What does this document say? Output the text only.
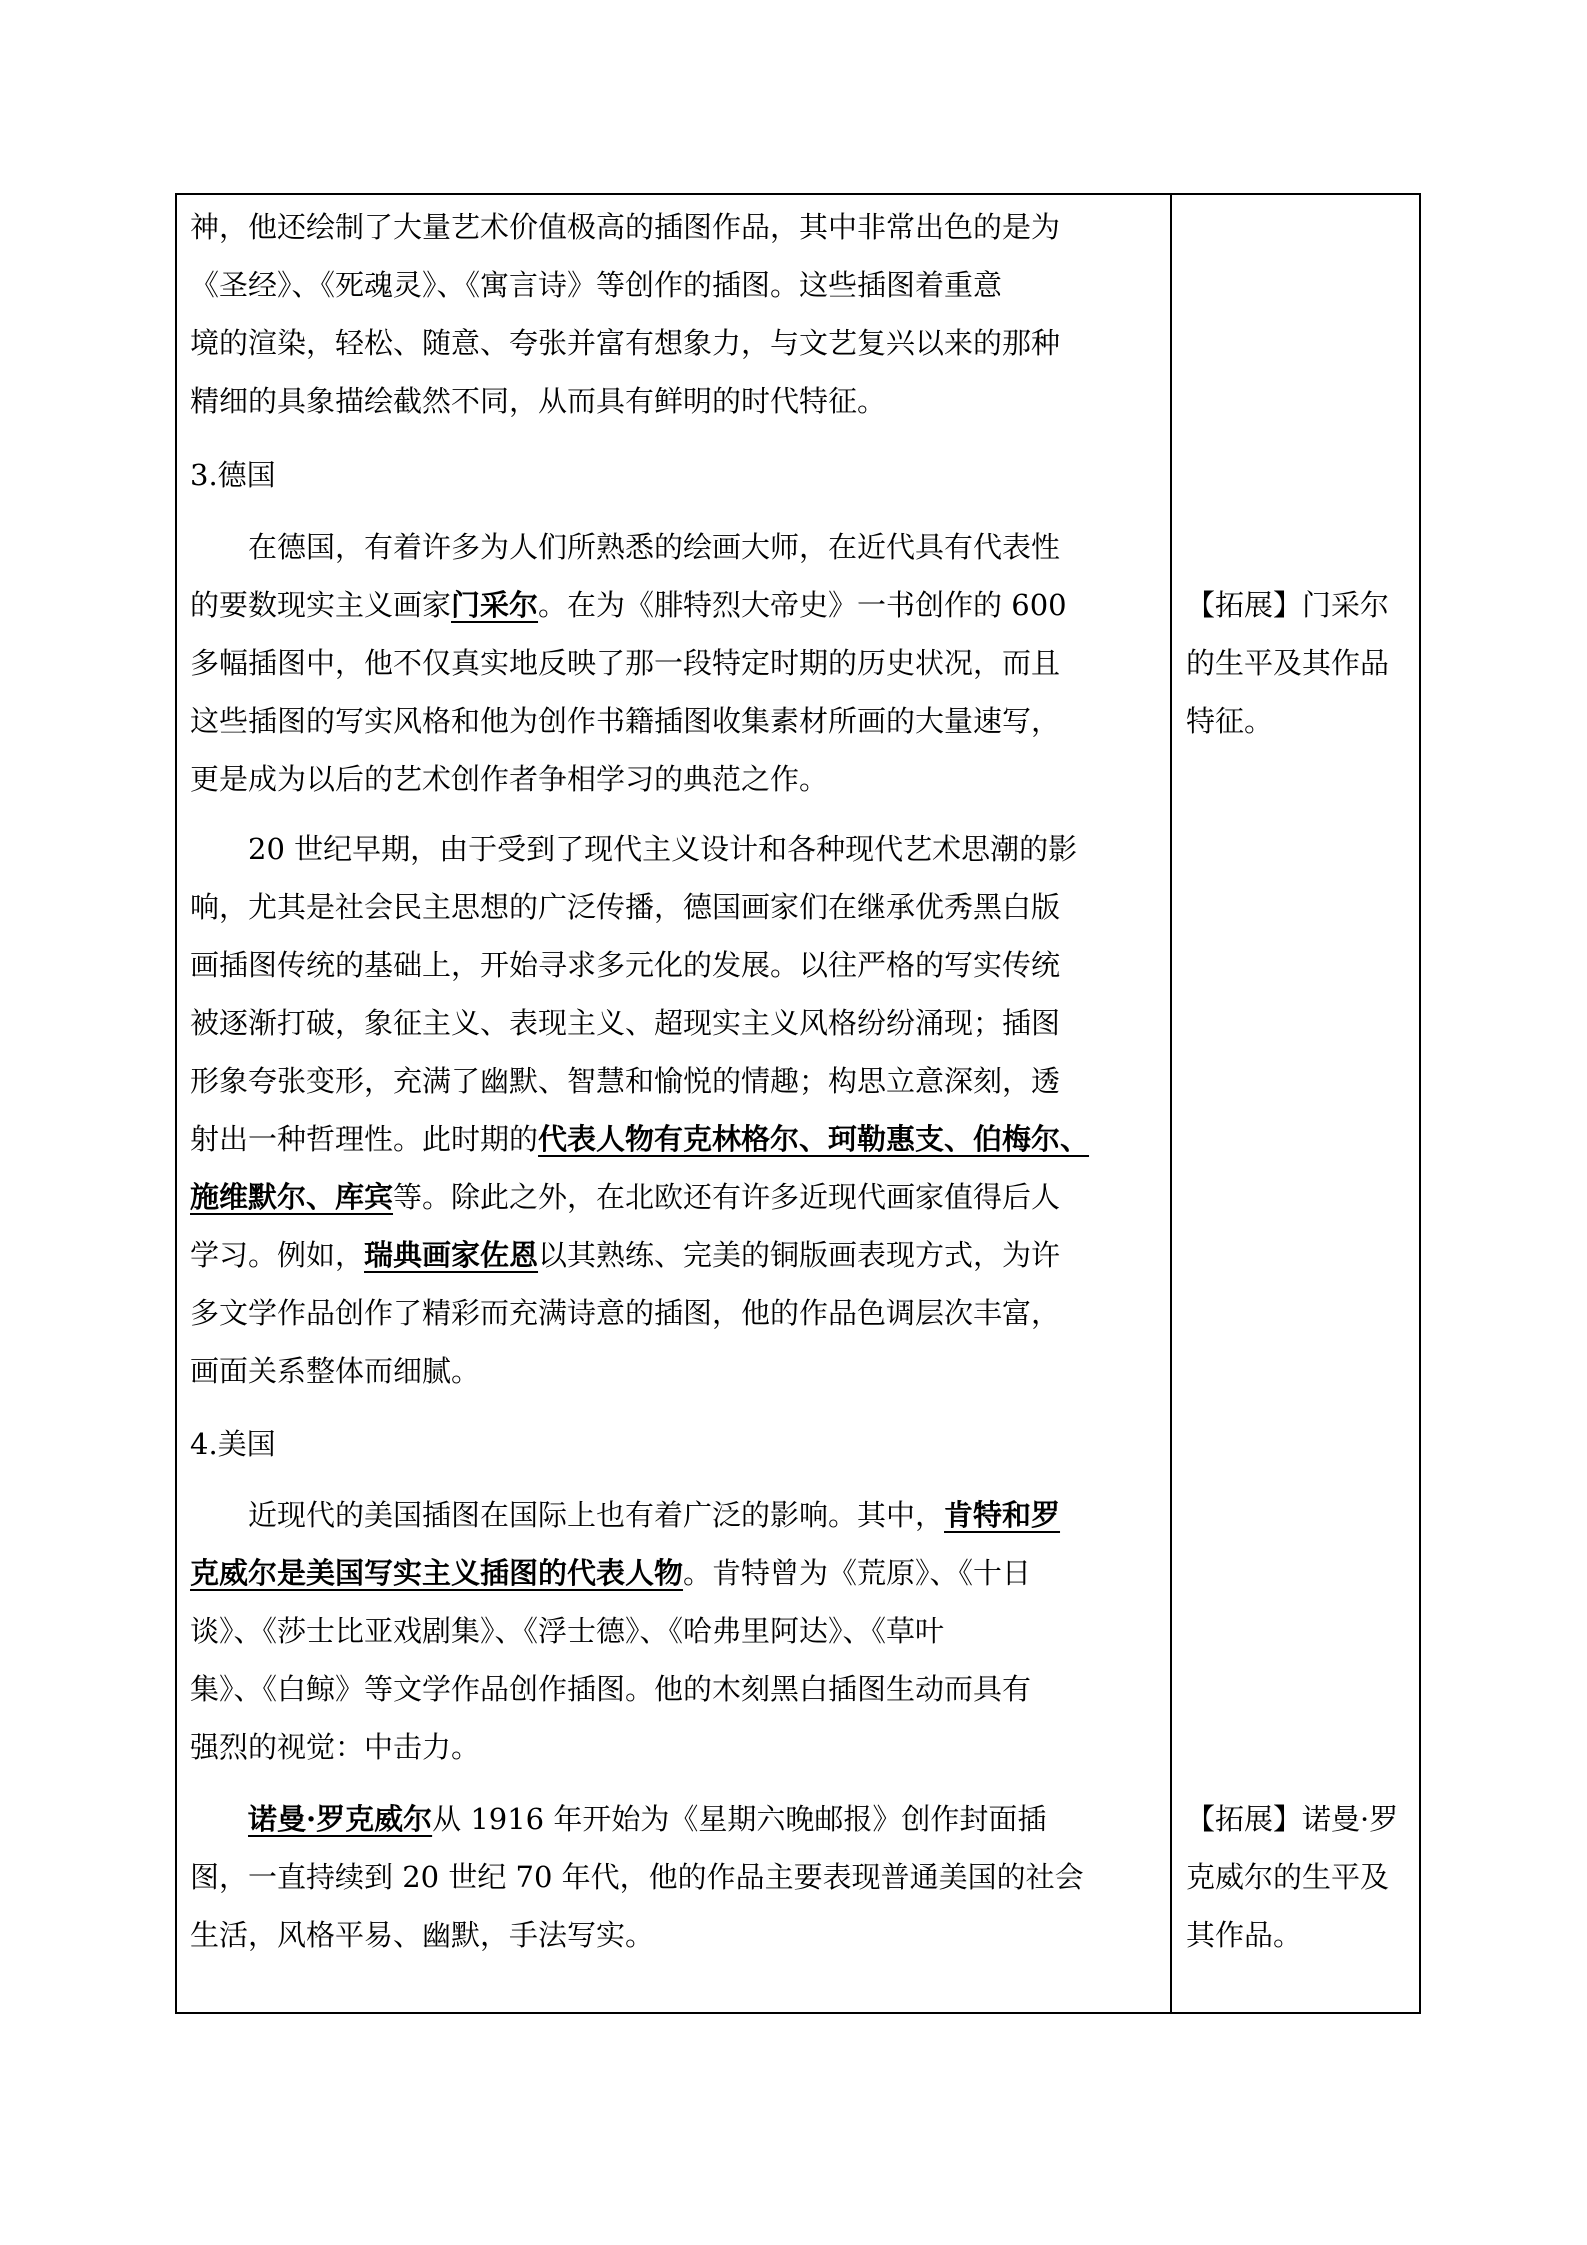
神，他还绘制了大量艺术价值极高的插图作品，其中非常出色的是为
《圣经》、《死魂灵》、《寓言诗》等创作的插图。这些插图着重意
境的渲染，轻松、随意、夸张并富有想象力，与文艺复兴以来的那种
精细的具象描绘截然不同，从而具有鲜明的时代特征。
3.德国
在德国，有着许多为人们所熟悉的绘画大师，在近代具有代表性
的要数现实主义画家门采尔。在为《腓特烈大帝史》一书创作的 600
多幅插图中，他不仅真实地反映了那一段特定时期的历史状况，而且
这些插图的写实风格和他为创作书籍插图收集素材所画的大量速写，
更是成为以后的艺术创作者争相学习的典范之作。
20 世纪早期，由于受到了现代主义设计和各种现代艺术思潮的影
响，尤其是社会民主思想的广泛传播，德国画家们在继承优秀黑白版
画插图传统的基础上，开始寻求多元化的发展。以往严格的写实传统
被逐渐打破，象征主义、表现主义、超现实主义风格纷纷涌现；插图
形象夸张变形，充满了幽默、智慧和愉悦的情趣；构思立意深刻，透
射出一种哲理性。此时期的代表人物有克林格尔、珂勒惠支、伯梅尔、
施维默尔、库宾等。除此之外，在北欧还有许多近现代画家值得后人
学习。例如，瑞典画家佐恩以其熟练、完美的铜版画表现方式，为许
多文学作品创作了精彩而充满诗意的插图，他的作品色调层次丰富，
画面关系整体而细腻。
4.美国
近现代的美国插图在国际上也有着广泛的影响。其中，肯特和罗
克威尔是美国写实主义插图的代表人物。肯特曾为《荒原》、《十日
谈》、《莎士比亚戏剧集》、《浮士德》、《哈弗里阿达》、《草叶
集》、《白鲸》等文学作品创作插图。他的木刻黑白插图生动而具有
强烈的视觉：中击力。
诺曼·罗克威尔从 1916 年开始为《星期六晚邮报》创作封面插
图，一直持续到 20 世纪 70 年代，他的作品主要表现普通美国的社会
生活，风格平易、幽默，手法写实。
【拓展】门采尔
的生平及其作品
特征。
【拓展】诺曼·罗
克威尔的生平及
其作品。
